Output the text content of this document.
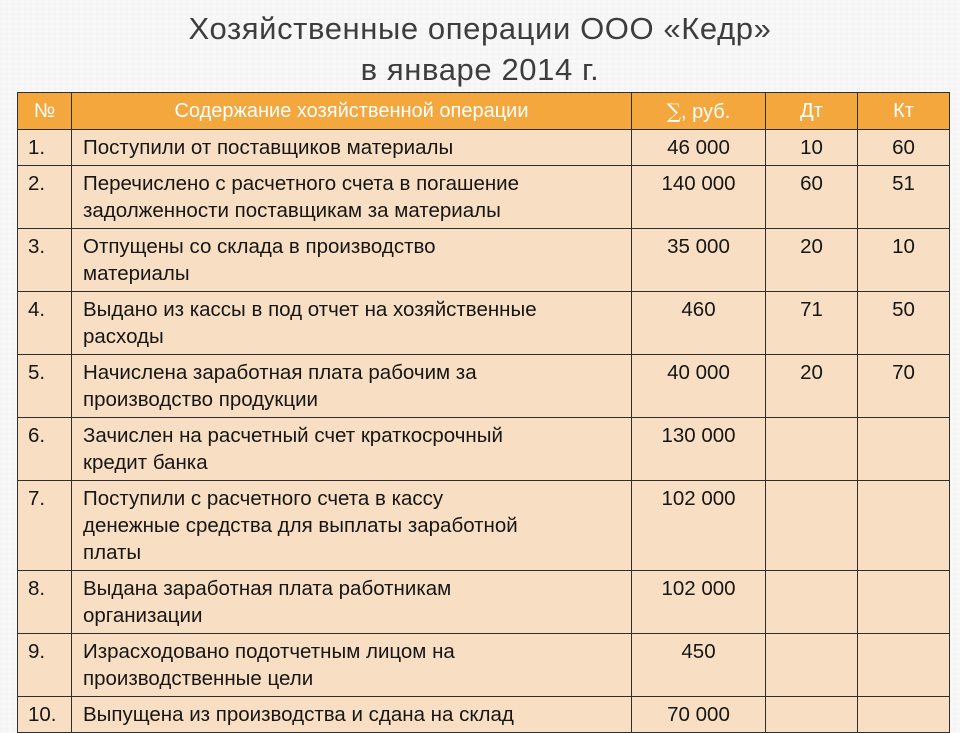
Хозяйственные операции ООО «Кедр»
в январе 2014 г.
№	Содержание хозяйственной операции	∑, руб.	Дт	Кт
1.	Поступили от поставщиков материалы	46 000	10	60
2.	Перечислено с расчетного счета в погашение
задолженности поставщикам за материалы	140 000	60	51
3.	Отпущены со склада в производство
материалы	35 000	20	10
4.	Выдано из кассы в под отчет на хозяйственные
расходы	460	71	50
5.	Начислена заработная плата рабочим за
производство продукции	40 000	20	70
6.	Зачислен на расчетный счет краткосрочный
кредит банка	130 000		
7.	Поступили с расчетного счета в кассу
денежные средства для выплаты заработной
платы	102 000		
8.	Выдана заработная плата работникам
организации	102 000		
9.	Израсходовано подотчетным лицом на
производственные цели	450		
10.	Выпущена из производства и сдана на склад	70 000		
